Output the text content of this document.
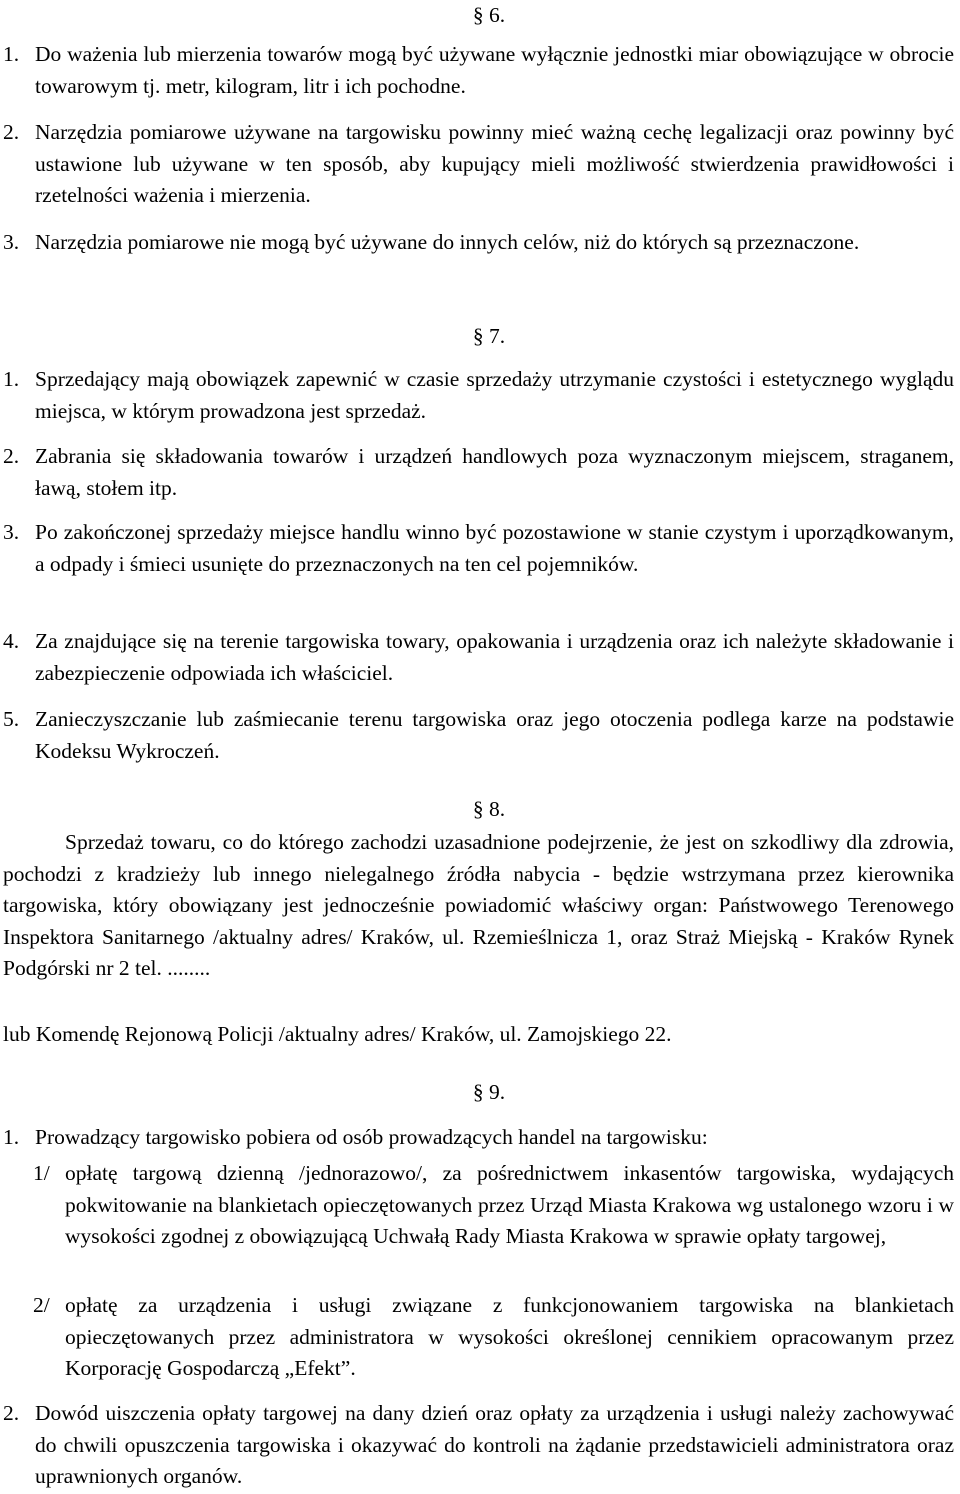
§ 6.
1. Do ważenia lub mierzenia towarów mogą być używane wyłącznie jednostki miar obowiązujące w obrocie towarowym tj. metr, kilogram, litr i ich pochodne.
2. Narzędzia pomiarowe używane na targowisku powinny mieć ważną cechę legalizacji oraz powinny być ustawione lub używane w ten sposób, aby kupujący mieli możliwość stwierdzenia prawidłowości i rzetelności ważenia i mierzenia.
3. Narzędzia pomiarowe nie mogą być używane do innych celów, niż do których są przeznaczone.
§ 7.
1. Sprzedający mają obowiązek zapewnić w czasie sprzedaży utrzymanie czystości i estetycznego wyglądu miejsca, w którym prowadzona jest sprzedaż.
2. Zabrania się składowania towarów i urządzeń handlowych poza wyznaczonym miejscem, straganem, ławą, stołem itp.
3. Po zakończonej sprzedaży miejsce handlu winno być pozostawione w stanie czystym i uporządkowanym, a odpady i śmieci usunięte do przeznaczonych na ten cel pojemników.
4. Za znajdujące się na terenie targowiska towary, opakowania i urządzenia oraz ich należyte składowanie i zabezpieczenie odpowiada ich właściciel.
5. Zanieczyszczanie lub zaśmiecanie terenu targowiska oraz jego otoczenia podlega karze na podstawie Kodeksu Wykroczeń.
§ 8.
Sprzedaż towaru, co do którego zachodzi uzasadnione podejrzenie, że jest on szkodliwy dla zdrowia, pochodzi z kradzieży lub innego nielegalnego źródła nabycia - będzie wstrzymana przez kierownika targowiska, który obowiązany jest jednocześnie powiadomić właściwy organ: Państwowego Terenowego Inspektora Sanitarnego /aktualny adres/ Kraków, ul. Rzemieślnicza 1, oraz Straż Miejską - Kraków Rynek Podgórski nr 2 tel. ........
lub Komendę Rejonową Policji /aktualny adres/ Kraków, ul. Zamojskiego 22.
§ 9.
1. Prowadzący targowisko pobiera od osób prowadzących handel na targowisku:
1/ opłatę targową dzienną /jednorazowo/, za pośrednictwem inkasentów targowiska, wydających pokwitowanie na blankietach opieczętowanych przez Urząd Miasta Krakowa wg ustalonego wzoru i w wysokości zgodnej z obowiązującą Uchwałą Rady Miasta Krakowa w sprawie opłaty targowej,
2/ opłatę za urządzenia i usługi związane z funkcjonowaniem targowiska na blankietach opieczętowanych przez administratora w wysokości określonej cennikiem opracowanym przez Korporację Gospodarczą „Efekt”.
2. Dowód uiszczenia opłaty targowej na dany dzień oraz opłaty za urządzenia i usługi należy zachowywać do chwili opuszczenia targowiska i okazywać do kontroli na żądanie przedstawicieli administratora oraz uprawnionych organów.
